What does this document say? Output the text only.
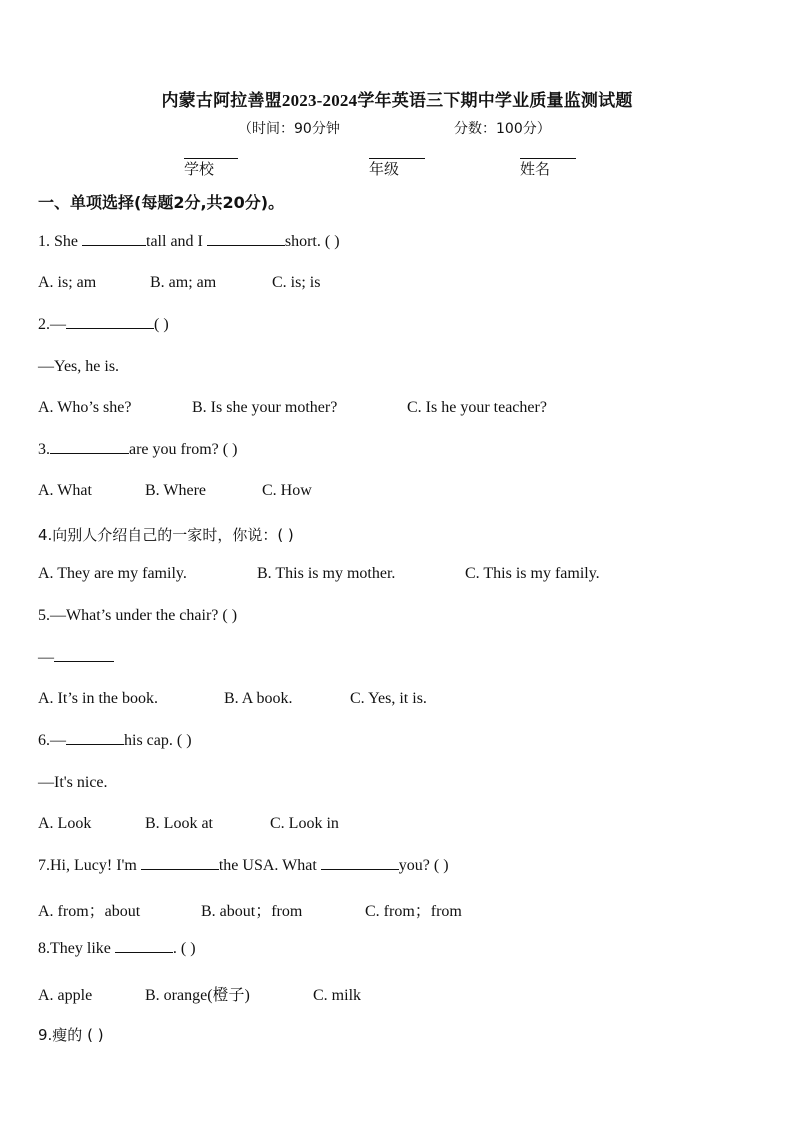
内蒙古阿拉善盟2023-2024学年英语三下期中学业质量监测试题
（时间：90分钟	分数：100分）
学校	年级	姓名
一、单项选择(每题2分,共20分)。
1. She	tall and I	short. ( )
A. is; am	B. am; am	C. is; is
2.—	( )
—Yes, he is.
A. Who’s she?	B. Is she your mother?	C. Is he your teacher?
3.	are you from? ( )
A. What	B. Where	C. How
4.向别人介绍自己的一家时，你说：( )
A. They are my family.	B. This is my mother.	C. This is my family.
5.—What’s under the chair? ( )
—
A. It’s in the book.	B. A book.	C. Yes, it is.
6.—	his cap. ( )
—It's nice.
A. Look	B. Look at	C. Look in
7.Hi, Lucy! I'm	the USA. What	you? ( )
A. from；about	B. about；from	C. from；from
8.They like	. ( )
A. apple	B. orange(橙子)	C. milk
9.瘦的 ( )
